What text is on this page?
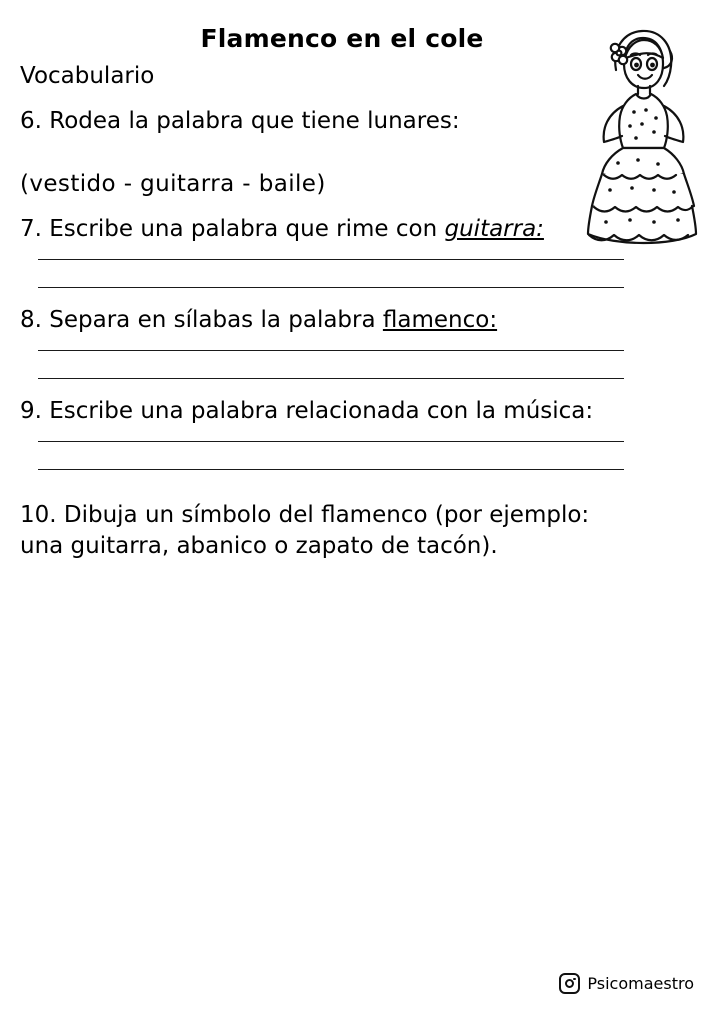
Flamenco en el cole
Vocabulario
6. Rodea la palabra que tiene lunares:
(vestido - guitarra - baile)
7. Escribe una palabra que rime con guitarra:
8. Separa en sílabas la palabra flamenco:
9. Escribe una palabra relacionada con la música:
10. Dibuja un símbolo del flamenco (por ejemplo:
una guitarra, abanico o zapato de tacón).
Psicomaestro
